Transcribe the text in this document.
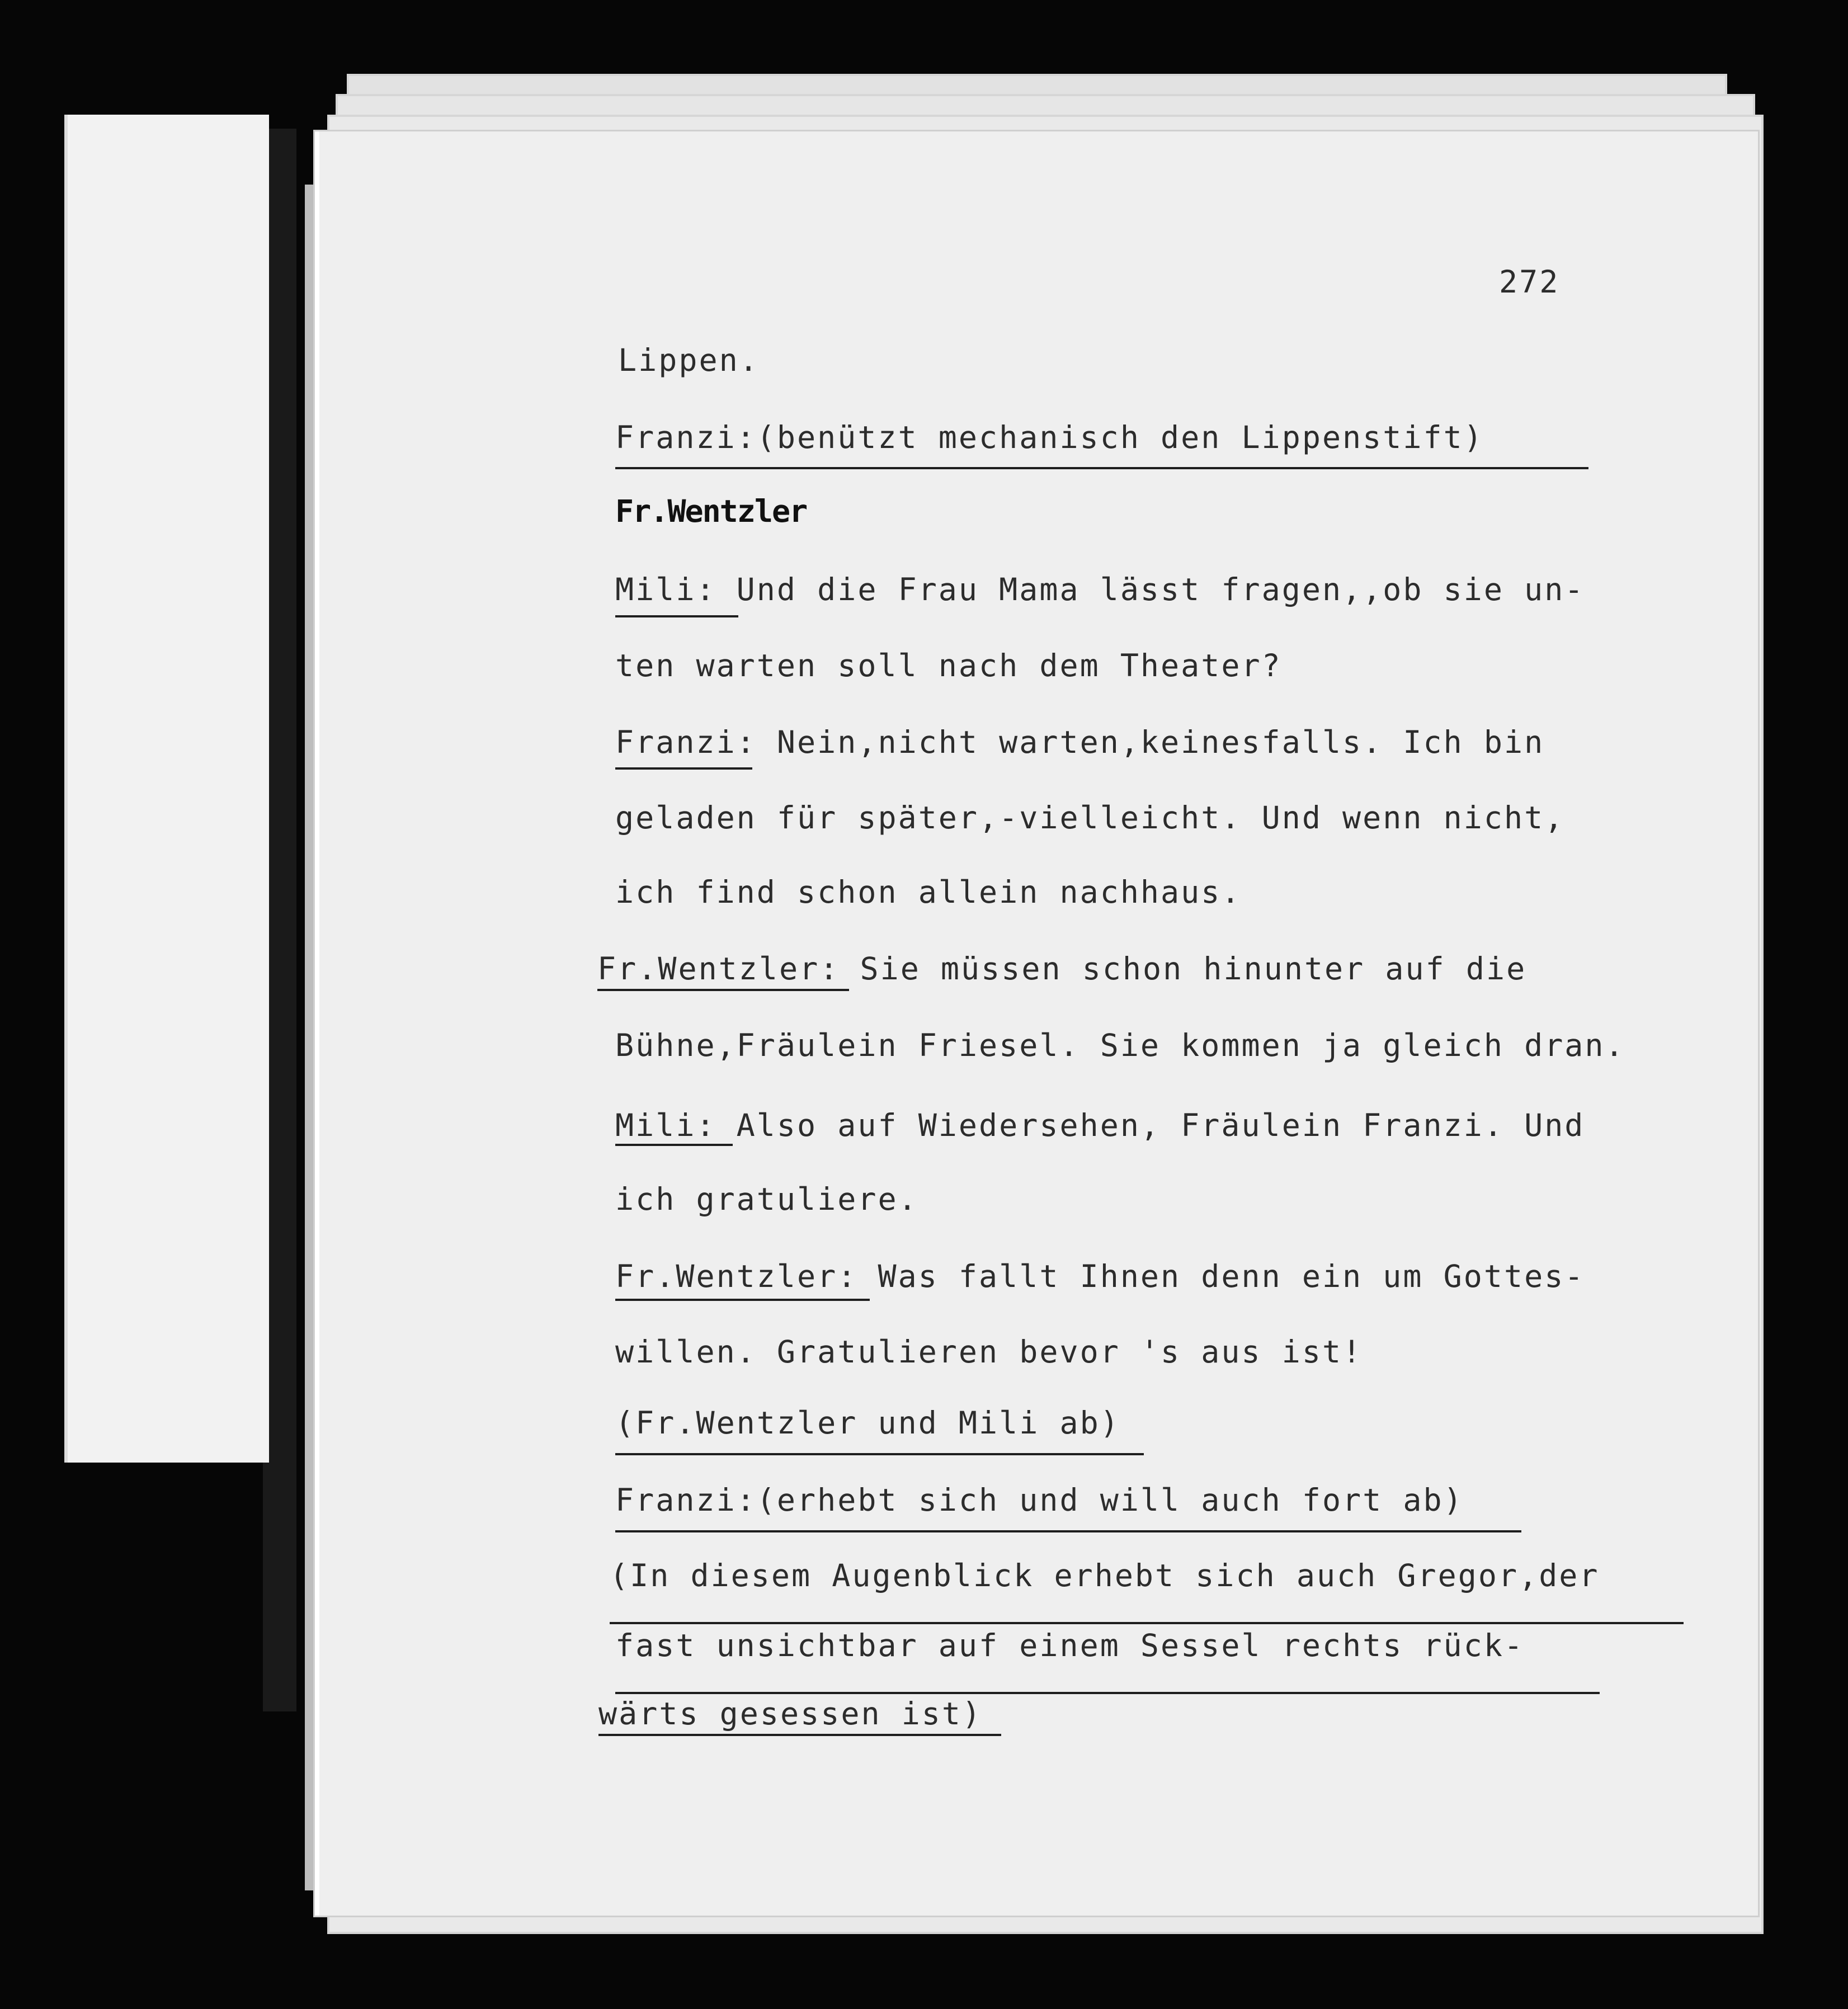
272
Lippen.
Franzi:(benützt mechanisch den Lippenstift)
Fr.Wentzler
Mili: Und die Frau Mama lässt fragen,,ob sie un-
ten warten soll nach dem Theater?
Franzi: Nein,nicht warten,keinesfalls. Ich bin
geladen für später,-vielleicht. Und wenn nicht,
ich find schon allein nachhaus.
Fr.Wentzler: Sie müssen schon hinunter auf die
Bühne,Fräulein Friesel. Sie kommen ja gleich dran.
Mili: Also auf Wiedersehen, Fräulein Franzi. Und
ich gratuliere.
Fr.Wentzler: Was fallt Ihnen denn ein um Gottes-
willen. Gratulieren bevor 's aus ist!
(Fr.Wentzler und Mili ab)
Franzi:(erhebt sich und will auch fort ab)
(In diesem Augenblick erhebt sich auch Gregor,der
fast unsichtbar auf einem Sessel rechts rück-
wärts gesessen ist)
